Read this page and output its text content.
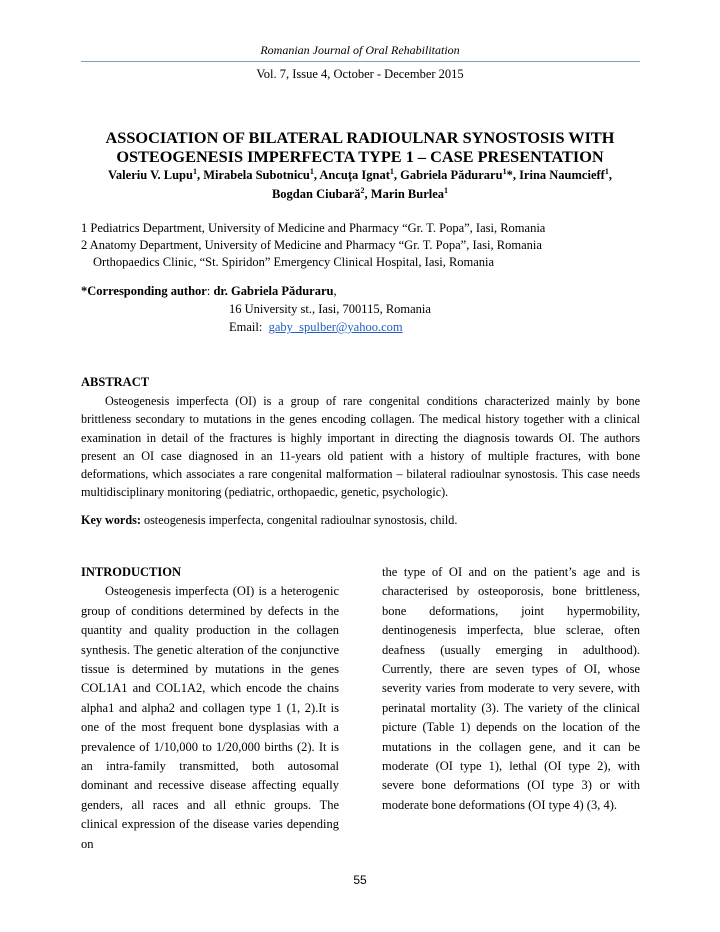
Romanian Journal of Oral Rehabilitation
Vol. 7, Issue 4, October - December 2015
ASSOCIATION OF BILATERAL RADIOULNAR SYNOSTOSIS WITH
OSTEOGENESIS IMPERFECTA TYPE 1 – CASE PRESENTATION
Valeriu V. Lupu$^1$, Mirabela Subotnicu$^1$, Ancuţa Ignat$^1$, Gabriela Păduraru$^1$*, Irina Naumcieff$^1$,
Bogdan Ciubară$^2$, Marin Burlea$^1$
1 Pediatrics Department, University of Medicine and Pharmacy “Gr. T. Popa”, Iasi, Romania
2 Anatomy Department, University of Medicine and Pharmacy “Gr. T. Popa”, Iasi, Romania
Orthopaedics Clinic, “St. Spiridon” Emergency Clinical Hospital, Iasi, Romania
*Corresponding author: dr. Gabriela Păduraru,
16 University st., Iasi, 700115, Romania
Email: gaby_spulber@yahoo.com
ABSTRACT

Osteogenesis imperfecta (OI) is a group of rare congenital conditions characterized mainly by bone brittleness secondary to mutations in the genes encoding collagen. The medical history together with a clinical examination in detail of the fractures is highly important in directing the diagnosis towards OI. The authors present an OI case diagnosed in an 11-years old patient with a history of multiple fractures, with bone deformations, which associates a rare congenital malformation – bilateral radioulnar synostosis. This case needs multidisciplinary monitoring (pediatric, orthopaedic, genetic, psychologic).

Key words: osteogenesis imperfecta, congenital radioulnar synostosis, child.
INTRODUCTION

Osteogenesis imperfecta (OI) is a heterogenic group of conditions determined by defects in the quantity and quality production in the collagen synthesis. The genetic alteration of the conjunctive tissue is determined by mutations in the genes COL1A1 and COL1A2, which encode the chains alpha1 and alpha2 and collagen type 1 (1, 2).It is one of the most frequent bone dysplasias with a prevalence of 1/10,000 to 1/20,000 births (2). It is an intra-family transmitted, both autosomal dominant and recessive disease affecting equally genders, all races and all ethnic groups. The clinical expression of the disease varies depending on

the type of OI and on the patient’s age and is characterised by osteoporosis, bone brittleness, bone deformations, joint hypermobility, dentinogenesis imperfecta, blue sclerae, often deafness (usually emerging in adulthood). Currently, there are seven types of OI, whose severity varies from moderate to very severe, with perinatal mortality (3). The variety of the clinical picture (Table 1) depends on the location of the mutations in the collagen gene, and it can be moderate (OI type 1), lethal (OI type 2), with severe bone deformations (OI type 3) or with moderate bone deformations (OI type 4) (3, 4).

55
